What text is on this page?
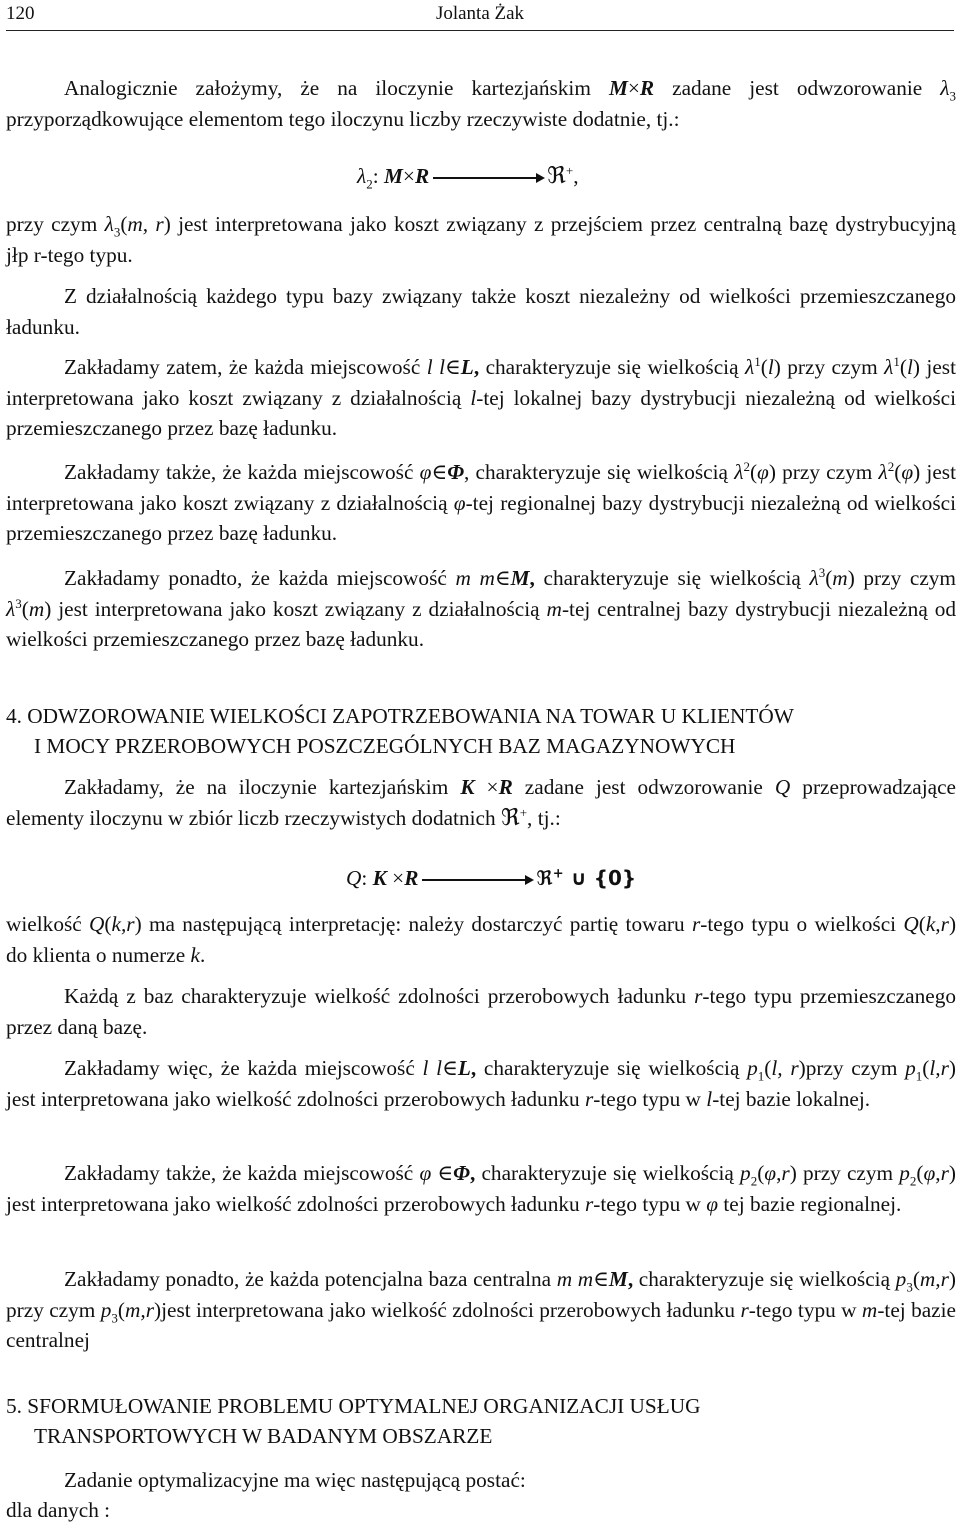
120	Jolanta Żak

Analogicznie założymy, że na iloczynie kartezjańskim M×R zadane jest odwzorowanie $\lambda_3$ przyporządkowujące elementom tego iloczynu liczby rzeczywiste dodatnie, tj.:

$\lambda_2$: M×R	ℜ+,

przy czym $\lambda_3(m$, r) jest interpretowana jako koszt związany z przejściem przez centralną bazę dystrybucyjną jłp r-tego typu.

Z działalnością każdego typu bazy związany także koszt niezależny od wielkości przemieszczanego ładunku.

Zakładamy zatem, że każda miejscowość l l∈L, charakteryzuje się wielkością $\lambda^1(l)$ przy czym $\lambda^1(l)$ jest interpretowana jako koszt związany z działalnością l-tej lokalnej bazy dystrybucji niezależną od wielkości przemieszczanego przez bazę ładunku.

Zakładamy także, że każda miejscowość φ∈Φ, charakteryzuje się wielkością $\lambda^2(\varphi)$ przy czym $\lambda^2(\varphi)$ jest interpretowana jako koszt związany z działalnością φ-tej regionalnej bazy dystrybucji niezależną od wielkości przemieszczanego przez bazę ładunku.

Zakładamy ponadto, że każda miejscowość m m∈M, charakteryzuje się wielkością $\lambda^3(m)$ przy czym $\lambda^3(m)$ jest interpretowana jako koszt związany z działalnością m-tej centralnej bazy dystrybucji niezależną od wielkości przemieszczanego przez bazę ładunku.

4. ODWZOROWANIE WIELKOŚCI ZAPOTRZEBOWANIA NA TOWAR U KLIENTÓW
I MOCY PRZEROBOWYCH POSZCZEGÓLNYCH BAZ MAGAZYNOWYCH

Zakładamy, że na iloczynie kartezjańskim K ×R zadane jest odwzorowanie Q przeprowadzające elementy iloczynu w zbiór liczb rzeczywistych dodatnich ℜ+, tj.:

Q: K ×R	ℜ+ ∪ {0}

wielkość Q(k,r) ma następującą interpretację: należy dostarczyć partię towaru r-tego typu o wielkości Q(k,r) do klienta o numerze k.

Każdą z baz charakteryzuje wielkość zdolności przerobowych ładunku r-tego typu przemieszczanego przez daną bazę.

Zakładamy więc, że każda miejscowość l l∈L, charakteryzuje się wielkością $p_1(l$, r)przy czym $p_1(l,r)$ jest interpretowana jako wielkość zdolności przerobowych ładunku r-tego typu w l-tej bazie lokalnej.

Zakładamy także, że każda miejscowość φ ∈Φ, charakteryzuje się wielkością $p_2(\varphi,r)$ przy czym $p_2(\varphi,r)$ jest interpretowana jako wielkość zdolności przerobowych ładunku r-tego typu w φ tej bazie regionalnej.

Zakładamy ponadto, że każda potencjalna baza centralna m m∈M, charakteryzuje się wielkością $p_3(m,r)$ przy czym $p_3(m,r)jest$ interpretowana jako wielkość zdolności przerobowych ładunku r-tego typu w m-tej bazie centralnej

5. SFORMUŁOWANIE PROBLEMU OPTYMALNEJ ORGANIZACJI USŁUG
TRANSPORTOWYCH W BADANYM OBSZARZE

Zadanie optymalizacyjne ma więc następującą postać:

dla danych :
